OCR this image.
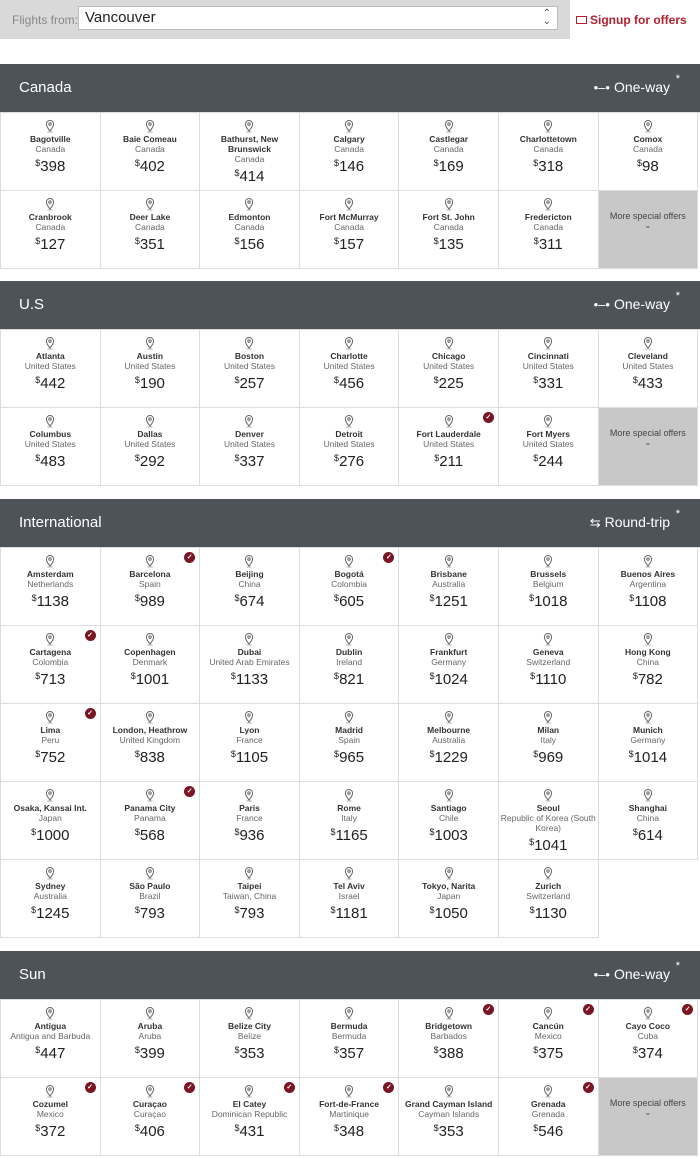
Flights from: Vancouver	⌃
⌄	Signup for offers
Canada	•–• One-way *
Bagotville
Canada
$398
Baie Comeau
Canada
$402
Bathurst, New Brunswick
Canada
$414
Calgary
Canada
$146
Castlegar
Canada
$169
Charlottetown
Canada
$318
Comox
Canada
$98
Cranbrook
Canada
$127
Deer Lake
Canada
$351
Edmonton
Canada
$156
Fort McMurray
Canada
$157
Fort St. John
Canada
$135
Fredericton
Canada
$311
More special offers
⌄
U.S	•–• One-way *
Atlanta
United States
$442
Austin
United States
$190
Boston
United States
$257
Charlotte
United States
$456
Chicago
United States
$225
Cincinnati
United States
$331
Cleveland
United States
$433
Columbus
United States
$483
Dallas
United States
$292
Denver
United States
$337
Detroit
United States
$276
✓
Fort Lauderdale
United States
$211
Fort Myers
United States
$244
More special offers
⌄
International	⇆ Round-trip *
Amsterdam
Netherlands
$1138
✓
Barcelona
Spain
$989
Beijing
China
$674
✓
Bogotá
Colombia
$605
Brisbane
Australia
$1251
Brussels
Belgium
$1018
Buenos Aires
Argentina
$1108
✓
Cartagena
Colombia
$713
Copenhagen
Denmark
$1001
Dubai
United Arab Emirates
$1133
Dublin
Ireland
$821
Frankfurt
Germany
$1024
Geneva
Switzerland
$1110
Hong Kong
China
$782
✓
Lima
Peru
$752
London, Heathrow
United Kingdom
$838
Lyon
France
$1105
Madrid
Spain
$965
Melbourne
Australia
$1229
Milan
Italy
$969
Munich
Germany
$1014
Osaka, Kansai Int.
Japan
$1000
✓
Panama City
Panama
$568
Paris
France
$936
Rome
Italy
$1165
Santiago
Chile
$1003
Seoul
Republic of Korea (South Korea)
$1041
Shanghai
China
$614
Sydney
Australia
$1245
São Paulo
Brazil
$793
Taipei
Taiwan, China
$793
Tel Aviv
Israel
$1181
Tokyo, Narita
Japan
$1050
Zurich
Switzerland
$1130
Sun	•–• One-way *
Antigua
Antigua and Barbuda
$447
Aruba
Aruba
$399
Belize City
Belize
$353
Bermuda
Bermuda
$357
✓
Bridgetown
Barbados
$388
✓
Cancún
Mexico
$375
✓
Cayo Coco
Cuba
$374
✓
Cozumel
Mexico
$372
✓
Curaçao
Curaçao
$406
✓
El Catey
Dominican Republic
$431
✓
Fort-de-France
Martinique
$348
Grand Cayman Island
Cayman Islands
$353
✓
Grenada
Grenada
$546
More special offers
⌄
